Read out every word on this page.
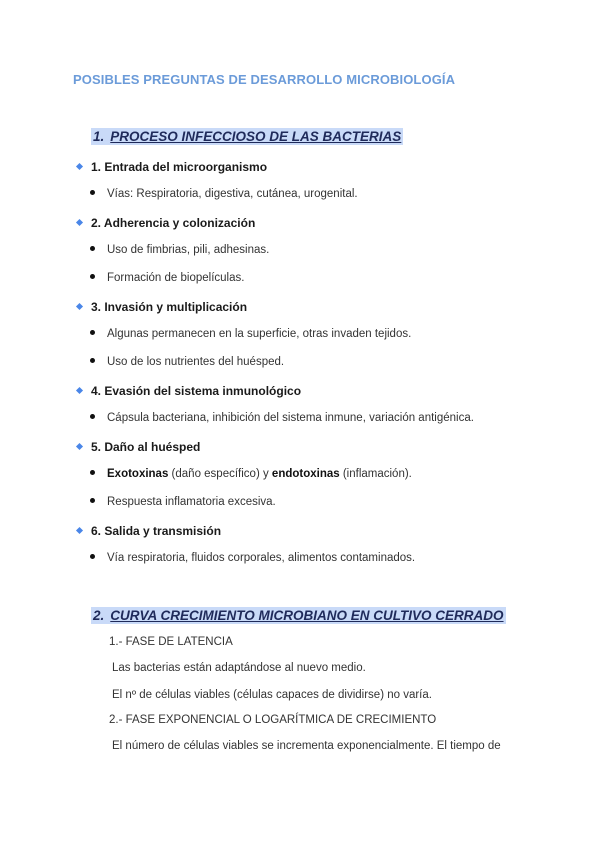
POSIBLES PREGUNTAS DE DESARROLLO MICROBIOLOGÍA
1. PROCESO INFECCIOSO DE LAS BACTERIAS
1. Entrada del microorganismo
Vías: Respiratoria, digestiva, cutánea, urogenital.
2. Adherencia y colonización
Uso de fimbrias, pili, adhesinas.
Formación de biopelículas.
3. Invasión y multiplicación
Algunas permanecen en la superficie, otras invaden tejidos.
Uso de los nutrientes del huésped.
4. Evasión del sistema inmunológico
Cápsula bacteriana, inhibición del sistema inmune, variación antigénica.
5. Daño al huésped
Exotoxinas (daño específico) y endotoxinas (inflamación).
Respuesta inflamatoria excesiva.
6. Salida y transmisión
Vía respiratoria, fluidos corporales, alimentos contaminados.
2. CURVA CRECIMIENTO MICROBIANO EN CULTIVO CERRADO
1.- FASE DE LATENCIA
Las bacterias están adaptándose al nuevo medio.
El nº de células viables (células capaces de dividirse) no varía.
2.- FASE EXPONENCIAL O LOGARÍTMICA DE CRECIMIENTO
El número de células viables se incrementa exponencialmente. El tiempo de
